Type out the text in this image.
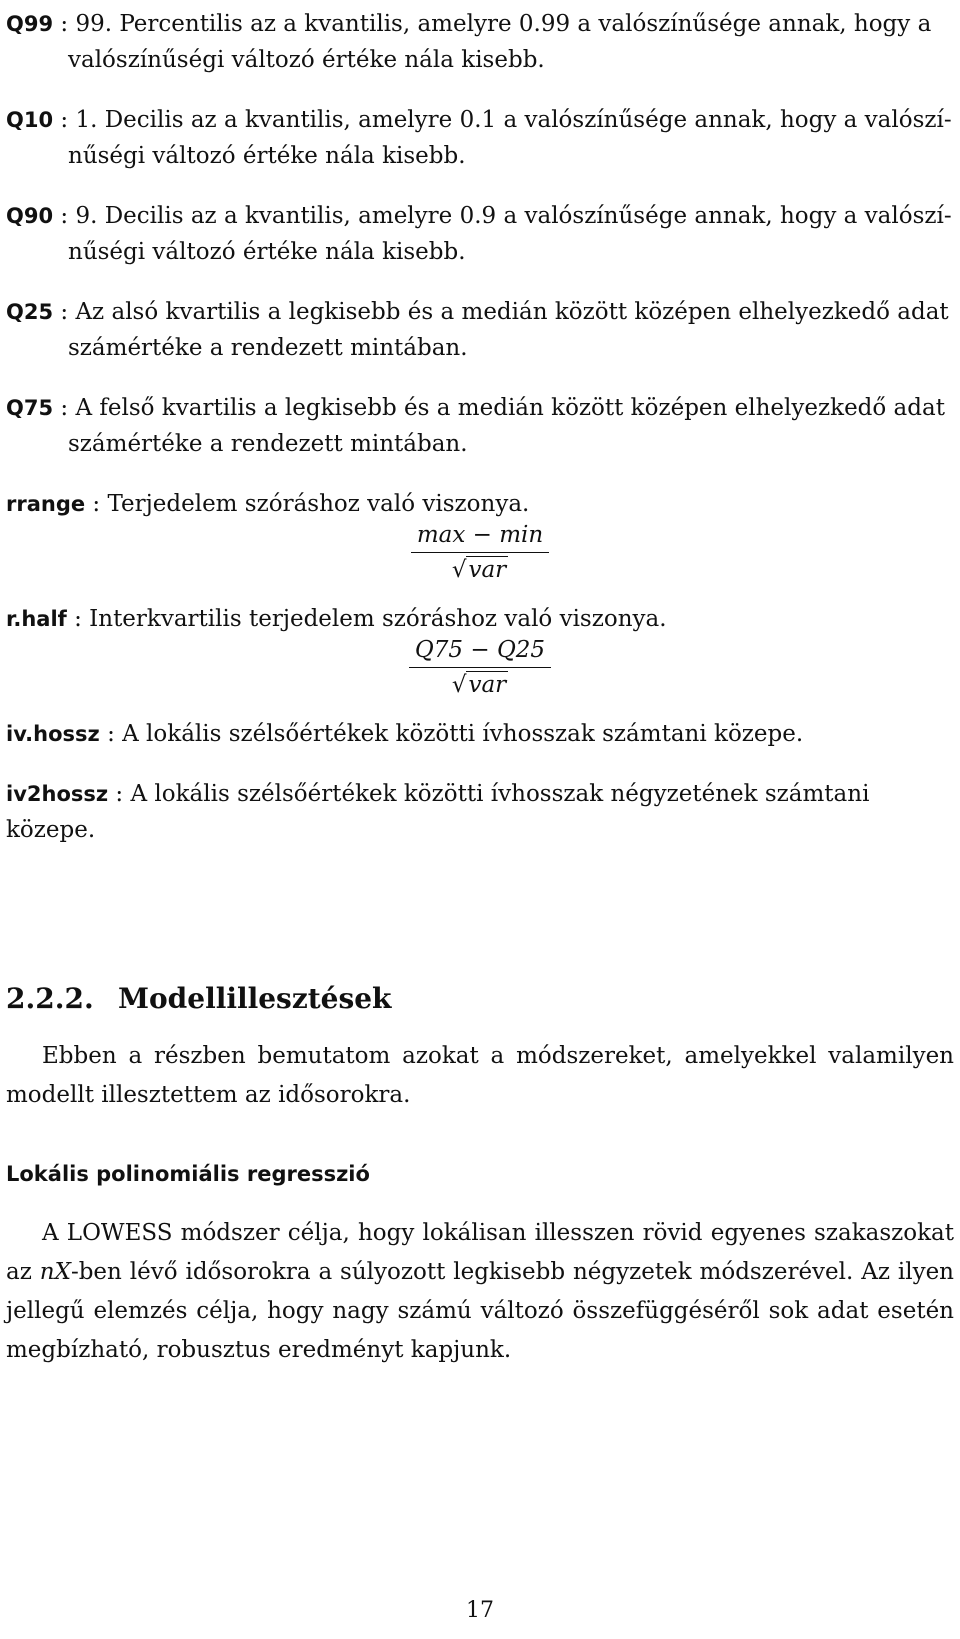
Q99 : 99. Percentilis az a kvantilis, amelyre 0.99 a valószínűsége annak, hogy a
valószínűségi változó értéke nála kisebb.

Q10 : 1. Decilis az a kvantilis, amelyre 0.1 a valószínűsége annak, hogy a valószí-
nűségi változó értéke nála kisebb.

Q90 : 9. Decilis az a kvantilis, amelyre 0.9 a valószínűsége annak, hogy a valószí-
nűségi változó értéke nála kisebb.

Q25 : Az alsó kvartilis a legkisebb és a medián között középen elhelyezkedő adat
számértéke a rendezett mintában.

Q75 : A felső kvartilis a legkisebb és a medián között középen elhelyezkedő adat
számértéke a rendezett mintában.

rrange : Terjedelem szóráshoz való viszonya.

$\frac{\max - \min}{\text{√var}}$

r.half : Interkvartilis terjedelem szóráshoz való viszonya.

$\frac{Q75 - Q25}{\text{√var}}$

iv.hossz : A lokális szélsőértékek közötti ívhosszak számtani közepe.

iv2hossz : A lokális szélsőértékek közötti ívhosszak négyzetének számtani közepe.

2.2.2. Modellillesztések

Ebben a részben bemutatom azokat a módszereket, amelyekkel valamilyen modellt illesztettem az idősorokra.

Lokális polinomiális regresszió

A LOWESS módszer célja, hogy lokálisan illesszen rövid egyenes szakaszokat az nX-ben lévő idősorokra a súlyozott legkisebb négyzetek módszerével. Az ilyen jellegű elemzés célja, hogy nagy számú változó összefüggéséről sok adat esetén megbízható, robusztus eredményt kapjunk.

17
